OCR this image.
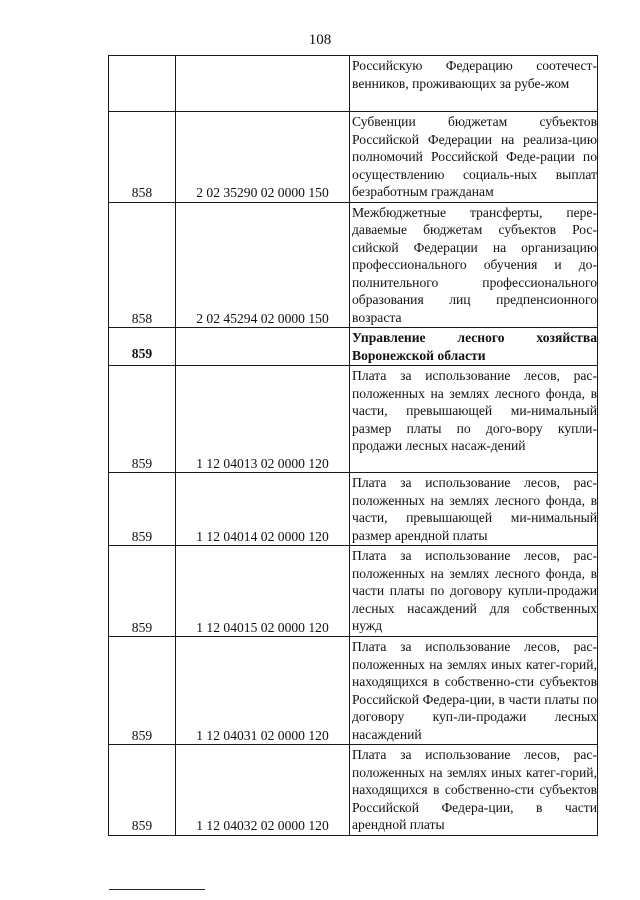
108

		Российскую Федерацию соотечест-венников, проживающих за рубе-жом

858	2 02 35290 02 0000 150	Субвенции бюджетам субъектов Российской Федерации на реализа-цию полномочий Российской Феде-рации по осуществлению социаль-ных выплат безработным гражданам

858	2 02 45294 02 0000 150	Межбюджетные трансферты, пере-даваемые бюджетам субъектов Рос-сийской Федерации на организацию профессионального обучения и до-полнительного профессионального образования лиц предпенсионного возраста

859		Управление лесного хозяйства Воронежской области

859	1 12 04013 02 0000 120	Плата за использование лесов, рас-положенных на землях лесного фонда, в части, превышающей ми-нимальный размер платы по дого-вору купли-продажи лесных насаж-дений

859	1 12 04014 02 0000 120	Плата за использование лесов, рас-положенных на землях лесного фонда, в части, превышающей ми-нимальный размер арендной платы

859	1 12 04015 02 0000 120	Плата за использование лесов, рас-положенных на землях лесного фонда, в части платы по договору купли-продажи лесных насаждений для собственных нужд

859	1 12 04031 02 0000 120	Плата за использование лесов, рас-положенных на землях иных катег-горий, находящихся в собственно-сти субъектов Российской Федера-ции, в части платы по договору куп-ли-продажи лесных насаждений

859	1 12 04032 02 0000 120	Плата за использование лесов, рас-положенных на землях иных катег-горий, находящихся в собственно-сти субъектов Российской Федера-ции, в части арендной платы
